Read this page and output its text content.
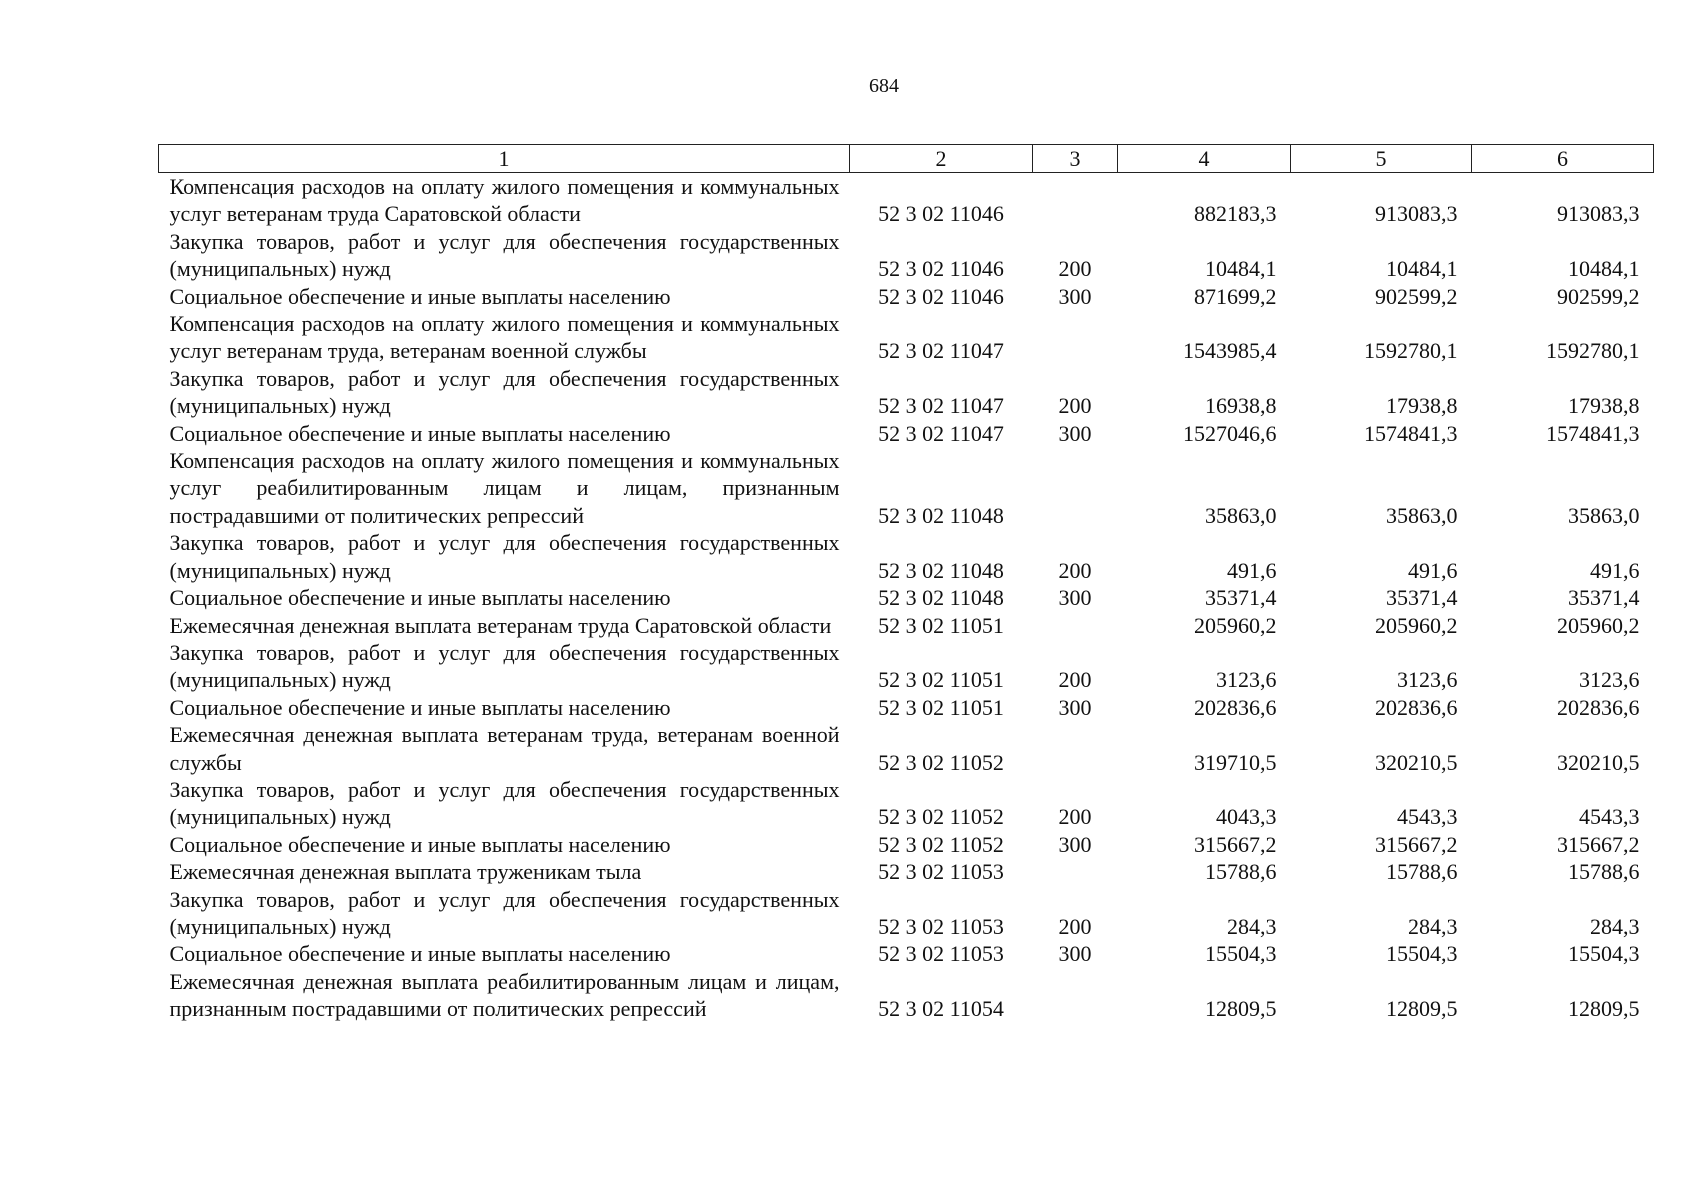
684
1	2	3	4	5	6
Компенсация расходов на оплату жилого помещения и коммунальных услуг ветеранам труда Саратовской области	52 3 02 11046		882183,3	913083,3	913083,3
Закупка товаров, работ и услуг для обеспечения государственных (муниципальных) нужд	52 3 02 11046	200	10484,1	10484,1	10484,1
Социальное обеспечение и иные выплаты населению	52 3 02 11046	300	871699,2	902599,2	902599,2
Компенсация расходов на оплату жилого помещения и коммунальных услуг ветеранам труда, ветеранам военной службы	52 3 02 11047		1543985,4	1592780,1	1592780,1
Закупка товаров, работ и услуг для обеспечения государственных (муниципальных) нужд	52 3 02 11047	200	16938,8	17938,8	17938,8
Социальное обеспечение и иные выплаты населению	52 3 02 11047	300	1527046,6	1574841,3	1574841,3
Компенсация расходов на оплату жилого помещения и коммунальных услуг реабилитированным лицам и лицам, признанным пострадавшими от политических репрессий	52 3 02 11048		35863,0	35863,0	35863,0
Закупка товаров, работ и услуг для обеспечения государственных (муниципальных) нужд	52 3 02 11048	200	491,6	491,6	491,6
Социальное обеспечение и иные выплаты населению	52 3 02 11048	300	35371,4	35371,4	35371,4
Ежемесячная денежная выплата ветеранам труда Саратовской области	52 3 02 11051		205960,2	205960,2	205960,2
Закупка товаров, работ и услуг для обеспечения государственных (муниципальных) нужд	52 3 02 11051	200	3123,6	3123,6	3123,6
Социальное обеспечение и иные выплаты населению	52 3 02 11051	300	202836,6	202836,6	202836,6
Ежемесячная денежная выплата ветеранам труда, ветеранам военной службы	52 3 02 11052		319710,5	320210,5	320210,5
Закупка товаров, работ и услуг для обеспечения государственных (муниципальных) нужд	52 3 02 11052	200	4043,3	4543,3	4543,3
Социальное обеспечение и иные выплаты населению	52 3 02 11052	300	315667,2	315667,2	315667,2
Ежемесячная денежная выплата труженикам тыла	52 3 02 11053		15788,6	15788,6	15788,6
Закупка товаров, работ и услуг для обеспечения государственных (муниципальных) нужд	52 3 02 11053	200	284,3	284,3	284,3
Социальное обеспечение и иные выплаты населению	52 3 02 11053	300	15504,3	15504,3	15504,3
Ежемесячная денежная выплата реабилитированным лицам и лицам, признанным пострадавшими от политических репрессий	52 3 02 11054		12809,5	12809,5	12809,5
